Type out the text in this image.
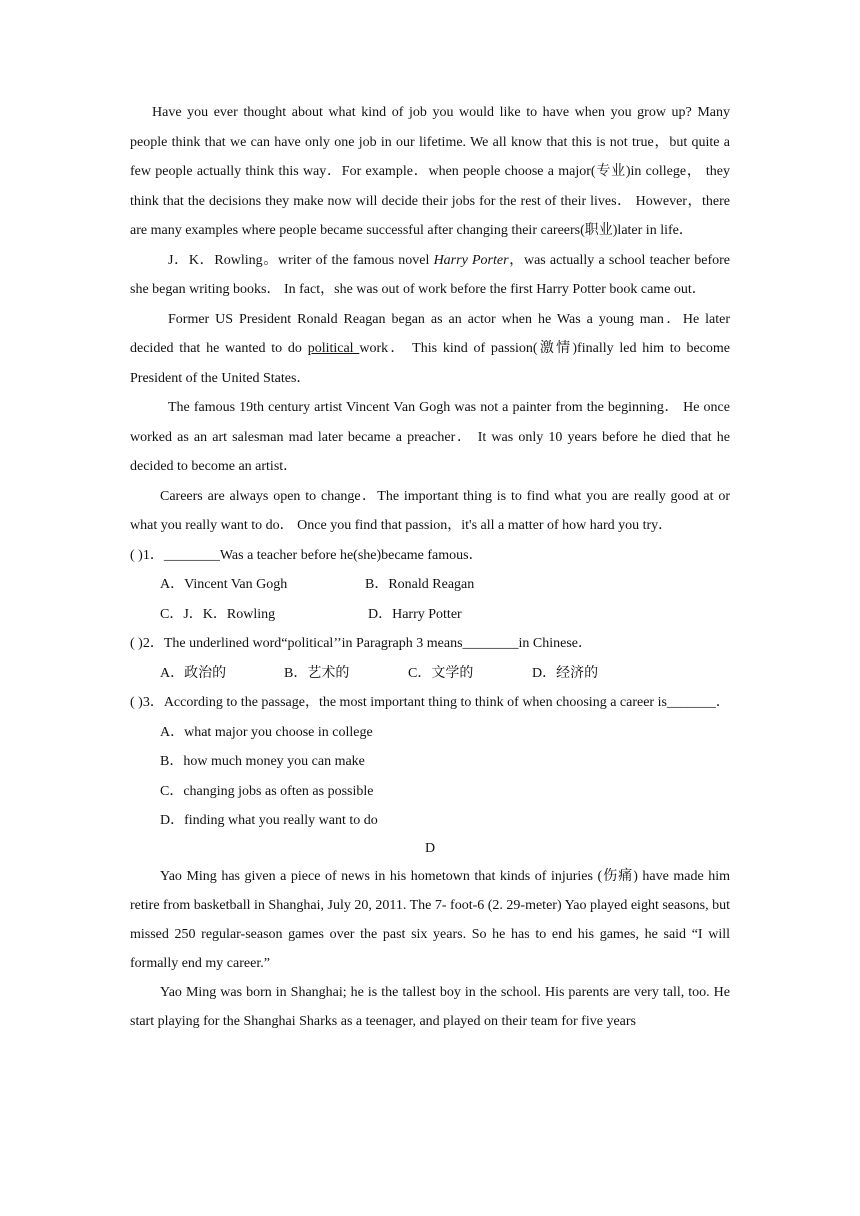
Have you ever thought about what kind of job you would like to have when you grow up? Many people think that we can have only one job in our lifetime. We all know that this is not true，but quite a few people actually think this way．For example．when people choose a major(专业)in college， they think that the decisions they make now will decide their jobs for the rest of their lives． However，there are many examples where people became successful after changing their careers(职业)later in life．

J．K．Rowling。writer of the famous novel Harry Porter，was actually a school teacher before she began writing books． In fact，she was out of work before the first Harry Potter book came out．

Former US President Ronald Reagan began as an actor when he Was a young man．He later decided that he wanted to do political work． This kind of passion(激情)finally led him to become President of the United States．

The famous 19th century artist Vincent Van Gogh was not a painter from the beginning． He once worked as an art salesman mad later became a preacher． It was only 10 years before he died that he decided to become an artist．

Careers are always open to change．The important thing is to find what you are really good at or what you really want to do． Once you find that passion，it's all a matter of how hard you try．

( )1．________Was a teacher before he(she)became famous．

A．Vincent Van Gogh	B．Ronald Reagan
C．J．K．Rowling	D．Harry Potter

( )2．The underlined word“political’’in Paragraph 3 means________in Chinese．

A．政治的	B．艺术的	C．文学的	D．经济的

( )3．According to the passage，the most important thing to think of when choosing a career is_______．

A．what major you choose in college

B．how much money you can make

C．changing jobs as often as possible

D．finding what you really want to do

D

Yao Ming has given a piece of news in his hometown that kinds of injuries (伤痛) have made him retire from basketball in Shanghai, July 20, 2011. The 7- foot-6 (2. 29-meter) Yao played eight seasons, but missed 250 regular-season games over the past six years. So he has to end his games, he said “I will formally end my career.”

Yao Ming was born in Shanghai; he is the tallest boy in the school. His parents are very tall, too. He start playing for the Shanghai Sharks as a teenager, and played on their team for five years
